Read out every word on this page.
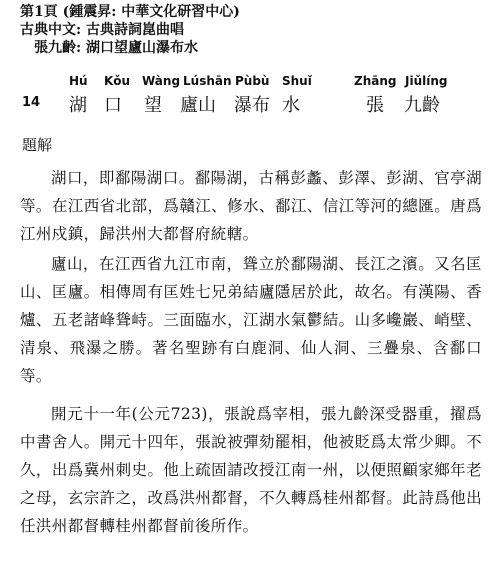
第1頁 (鍾震昇: 中華文化研習中心)
古典中文: 古典詩詞崑曲唱
張九齡: 湖口望廬山瀑布水
Hú Kǒu Wàng Lúshān Pùbù Shuǐ	Zhāng Jiǔlíng
14 湖 口 望 廬山 瀑布 水	張 九齡
題解

湖口，即鄱陽湖口。鄱陽湖，古稱彭蠡、彭澤、彭湖、官亭湖等。在江西省北部，爲贛江、修水、鄱江、信江等河的總匯。唐爲江州戍鎮，歸洪州大都督府統轄。

廬山，在江西省九江市南，聳立於鄱陽湖、長江之濱。又名匡山、匡廬。相傳周有匡姓七兄弟結廬隱居於此，故名。有漢陽、香爐、五老諸峰聳峙。三面臨水，江湖水氣鬱結。山多巉巖、峭壁、清泉、飛瀑之勝。著名聖跡有白鹿洞、仙人洞、三疊泉、含鄱口等。

開元十一年(公元723)，張說爲宰相，張九齡深受器重，擢爲中書舍人。開元十四年，張說被彈劾罷相，他被貶爲太常少卿。不久，出爲冀州刺史。他上疏固請改授江南一州，以便照顧家鄉年老之母，玄宗許之，改爲洪州都督，不久轉爲桂州都督。此詩爲他出任洪州都督轉桂州都督前後所作。
